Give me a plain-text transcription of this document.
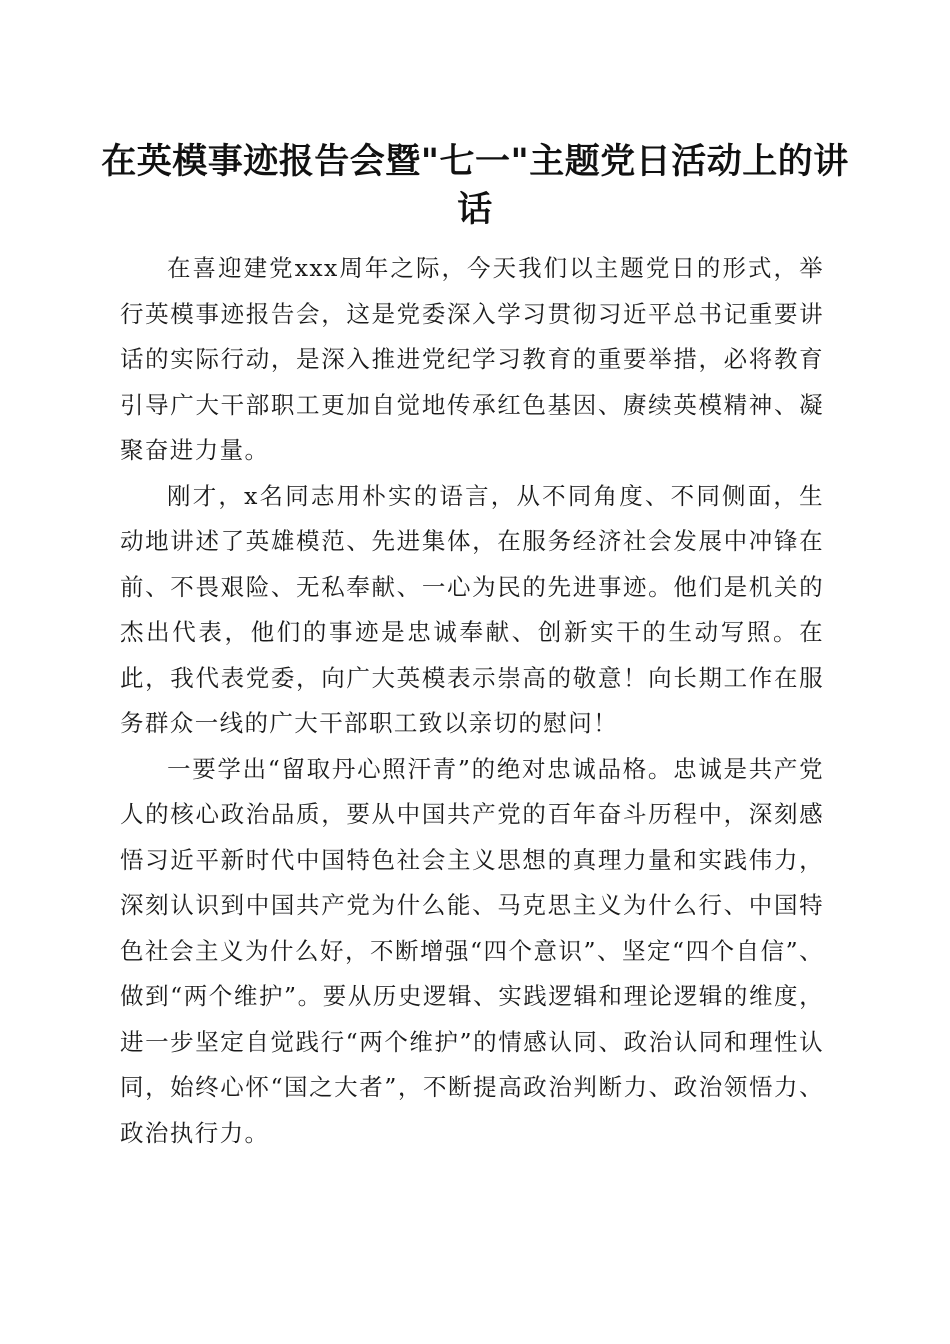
在英模事迹报告会暨"七一"主题党日活动上的讲话

在喜迎建党xxx周年之际，今天我们以主题党日的形式，举行英模事迹报告会，这是党委深入学习贯彻习近平总书记重要讲话的实际行动，是深入推进党纪学习教育的重要举措，必将教育引导广大干部职工更加自觉地传承红色基因、赓续英模精神、凝聚奋进力量。

刚才，x名同志用朴实的语言，从不同角度、不同侧面，生动地讲述了英雄模范、先进集体，在服务经济社会发展中冲锋在前、不畏艰险、无私奉献、一心为民的先进事迹。他们是机关的杰出代表，他们的事迹是忠诚奉献、创新实干的生动写照。在此，我代表党委，向广大英模表示崇高的敬意！向长期工作在服务群众一线的广大干部职工致以亲切的慰问！

一要学出“留取丹心照汗青”的绝对忠诚品格。忠诚是共产党人的核心政治品质，要从中国共产党的百年奋斗历程中，深刻感悟习近平新时代中国特色社会主义思想的真理力量和实践伟力，深刻认识到中国共产党为什么能、马克思主义为什么行、中国特色社会主义为什么好，不断增强“四个意识”、坚定“四个自信”、做到“两个维护”。要从历史逻辑、实践逻辑和理论逻辑的维度，进一步坚定自觉践行“两个维护”的情感认同、政治认同和理性认同，始终心怀“国之大者”，不断提高政治判断力、政治领悟力、政治执行力。
